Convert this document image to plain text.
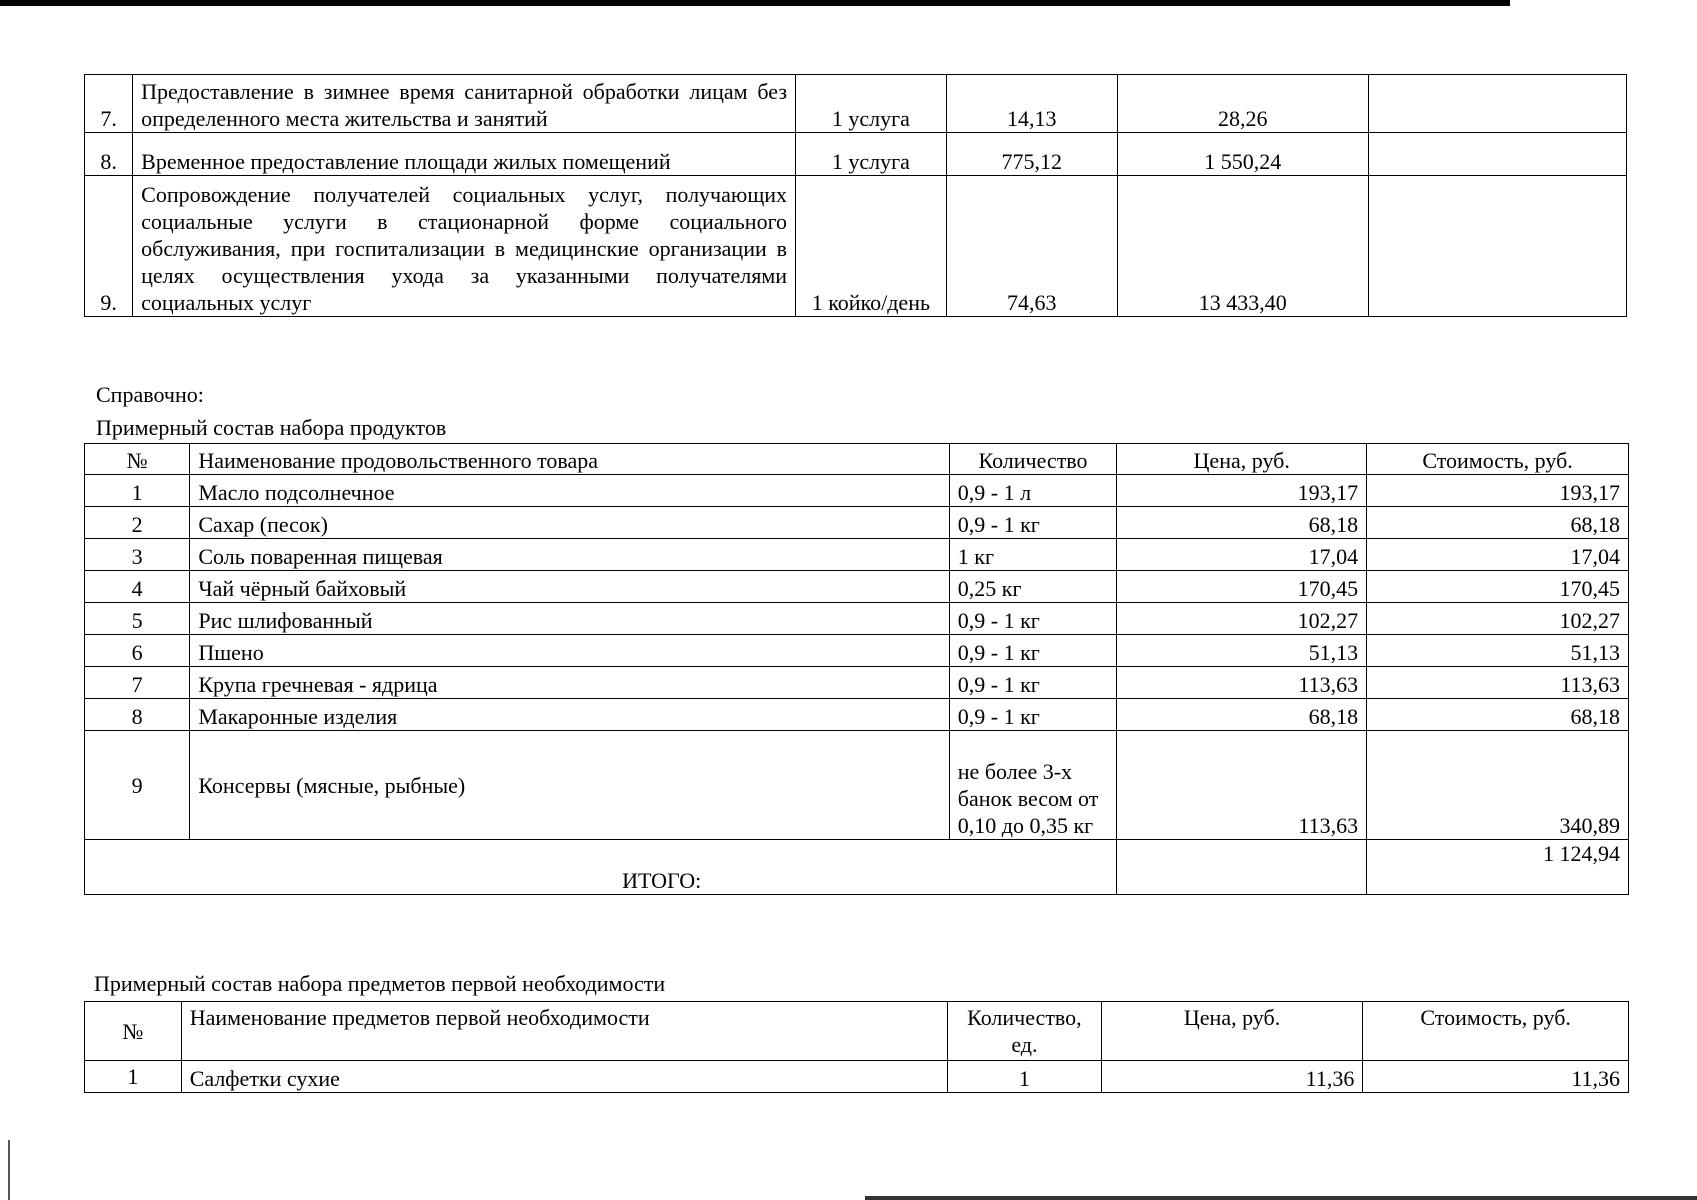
7.	Предоставление в зимнее время санитарной обработки лицам без определенного места жительства и занятий	1 услуга	14,13	28,26	
8.	Временное предоставление площади жилых помещений	1 услуга	775,12	1 550,24	
9.	Сопровождение получателей социальных услуг, получающих социальные услуги в стационарной форме социального обслуживания, при госпитализации в медицинские организации в целях осуществления ухода за указанными получателями социальных услуг	1 койко/день	74,63	13 433,40	
Справочно:
Примерный состав набора продуктов
№	Наименование продовольственного товара	Количество	Цена, руб.	Стоимость, руб.
1	Масло подсолнечное	0,9 - 1 л	193,17	193,17
2	Сахар (песок)	0,9 - 1 кг	68,18	68,18
3	Соль поваренная пищевая	1 кг	17,04	17,04
4	Чай чёрный байховый	0,25 кг	170,45	170,45
5	Рис шлифованный	0,9 - 1 кг	102,27	102,27
6	Пшено	0,9 - 1 кг	51,13	51,13
7	Крупа гречневая - ядрица	0,9 - 1 кг	113,63	113,63
8	Макаронные изделия	0,9 - 1 кг	68,18	68,18
9	Консервы (мясные, рыбные)	не более 3-х банок весом от 0,10 до 0,35 кг	113,63	340,89
ИТОГО:				1 124,94
Примерный состав набора предметов первой необходимости
№	Наименование предметов первой необходимости	Количество, ед.	Цена, руб.	Стоимость, руб.
1	Салфетки сухие	1	11,36	11,36
